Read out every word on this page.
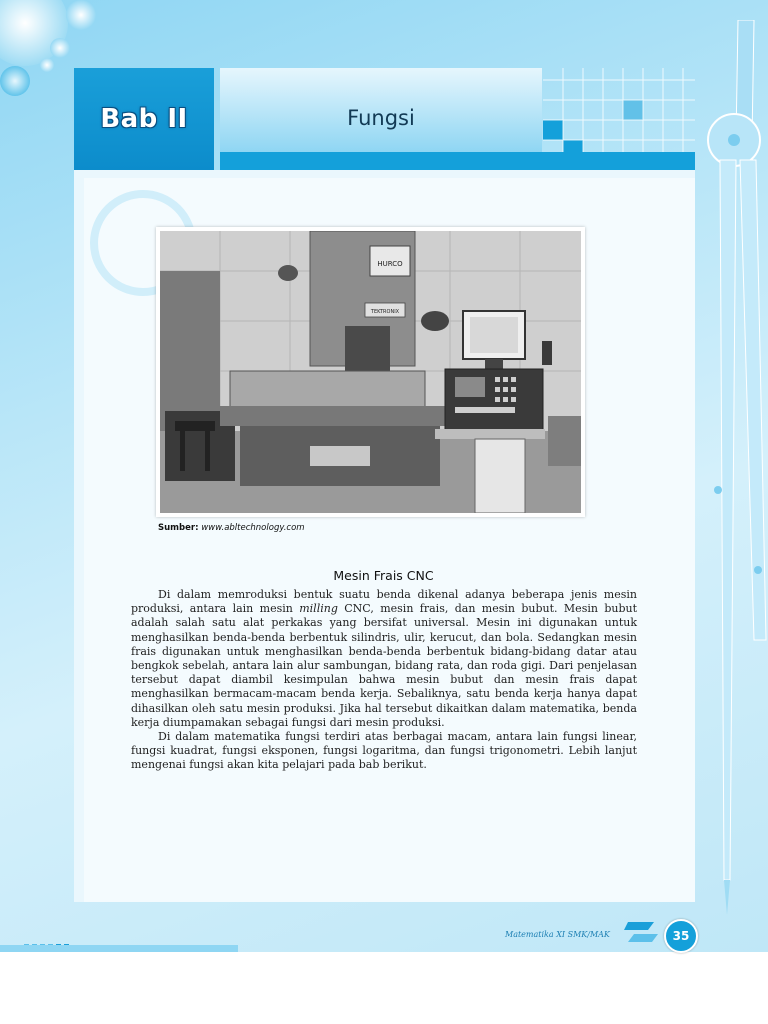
Bab II	Fungsi
HURCO
TEKTRONIX
Sumber: www.abltechnology.com
Mesin Frais CNC

Di dalam memroduksi bentuk suatu benda dikenal adanya beberapa jenis mesin produksi, antara lain mesin milling CNC, mesin frais, dan mesin bubut. Mesin bubut adalah salah satu alat perkakas yang bersifat universal. Mesin ini digunakan untuk menghasilkan benda-benda berbentuk silindris, ulir, kerucut, dan bola. Sedangkan mesin frais digunakan untuk menghasilkan benda-benda berbentuk bidang-bidang datar atau bengkok sebelah, antara lain alur sambungan, bidang rata, dan roda gigi. Dari penjelasan tersebut dapat diambil kesimpulan bahwa mesin bubut dan mesin frais dapat menghasilkan bermacam-macam benda kerja. Sebaliknya, satu benda kerja hanya dapat dihasilkan oleh satu mesin produksi. Jika hal tersebut dikaitkan dalam matematika, benda kerja diumpamakan sebagai fungsi dari mesin produksi.

Di dalam matematika fungsi terdiri atas berbagai macam, antara lain fungsi linear, fungsi kuadrat, fungsi eksponen, fungsi logaritma, dan fungsi trigonometri. Lebih lanjut mengenai fungsi akan kita pelajari pada bab berikut.

Matematika XI SMK/MAK	35
